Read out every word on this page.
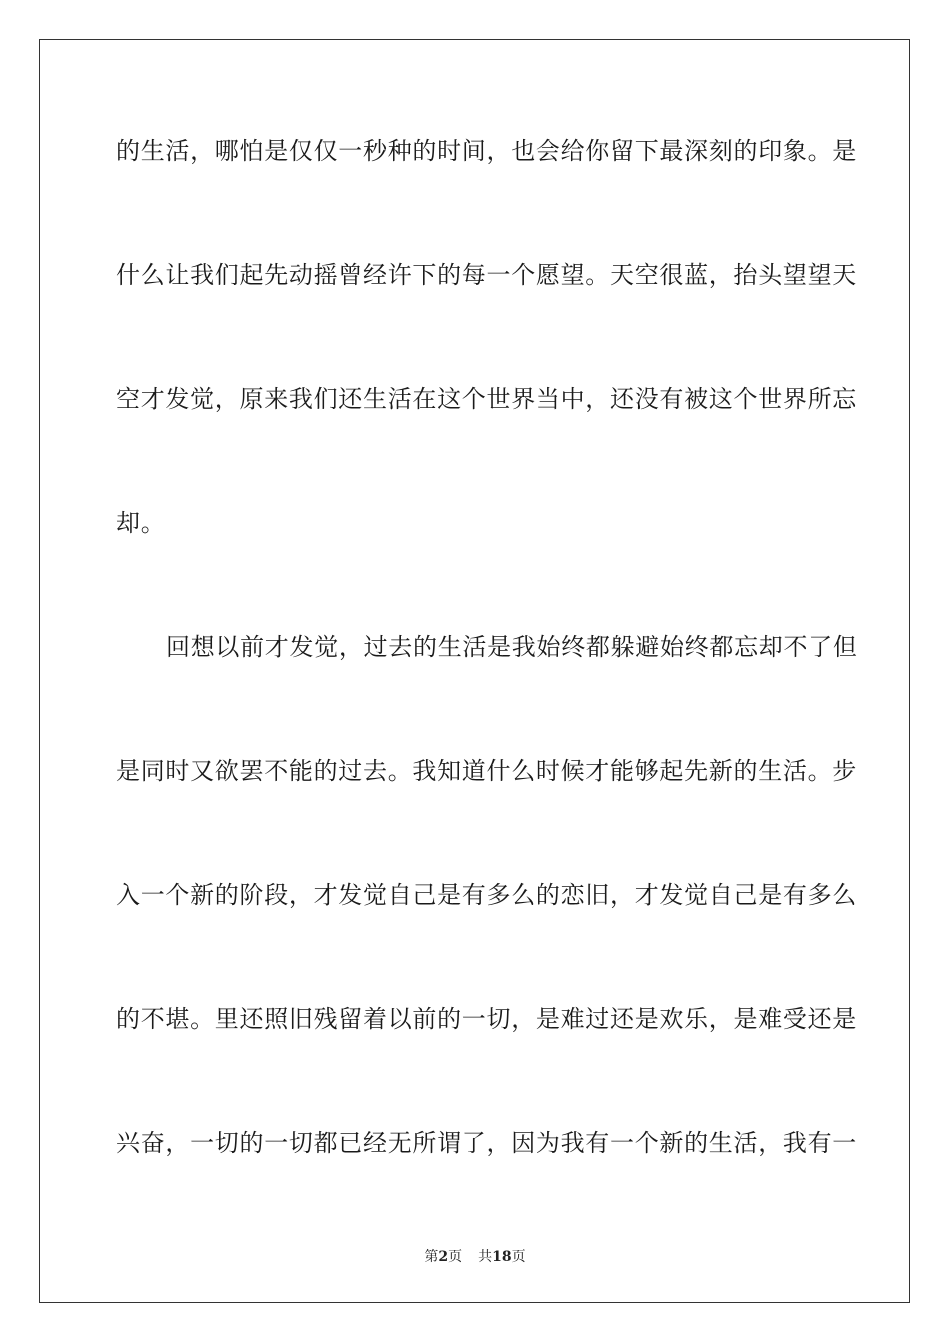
的生活，哪怕是仅仅一秒种的时间，也会给你留下最深刻的印象。是
什么让我们起先动摇曾经许下的每一个愿望。天空很蓝，抬头望望天
空才发觉，原来我们还生活在这个世界当中，还没有被这个世界所忘
却。
回想以前才发觉，过去的生活是我始终都躲避始终都忘却不了但
是同时又欲罢不能的过去。我知道什么时候才能够起先新的生活。步
入一个新的阶段，才发觉自己是有多么的恋旧，才发觉自己是有多么
的不堪。里还照旧残留着以前的一切，是难过还是欢乐，是难受还是
兴奋，一切的一切都已经无所谓了，因为我有一个新的生活，我有一
第2页 共18页
